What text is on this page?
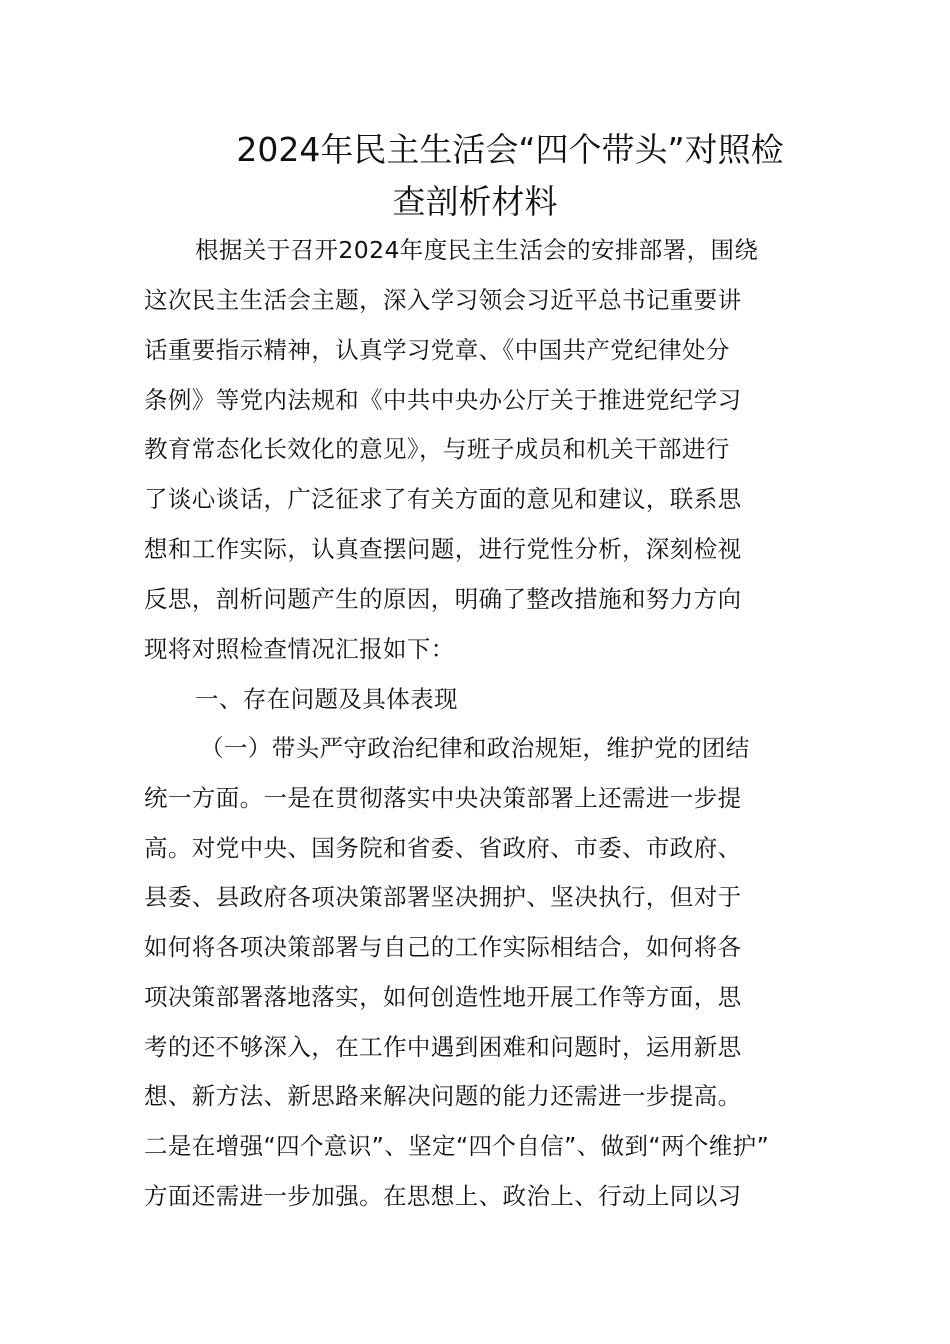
2024年民主生活会“四个带头”对照检
查剖析材料
根据关于召开2024年度民主生活会的安排部署，围绕
这次民主生活会主题，深入学习领会习近平总书记重要讲
话重要指示精神，认真学习党章、《中国共产党纪律处分
条例》等党内法规和《中共中央办公厅关于推进党纪学习
教育常态化长效化的意见》，与班子成员和机关干部进行
了谈心谈话，广泛征求了有关方面的意见和建议，联系思
想和工作实际，认真查摆问题，进行党性分析，深刻检视
反思，剖析问题产生的原因，明确了整改措施和努力方向
现将对照检查情况汇报如下：
一、存在问题及具体表现
（一）带头严守政治纪律和政治规矩，维护党的团结
统一方面。一是在贯彻落实中央决策部署上还需进一步提
高。对党中央、国务院和省委、省政府、市委、市政府、
县委、县政府各项决策部署坚决拥护、坚决执行，但对于
如何将各项决策部署与自己的工作实际相结合，如何将各
项决策部署落地落实，如何创造性地开展工作等方面，思
考的还不够深入，在工作中遇到困难和问题时，运用新思
想、新方法、新思路来解决问题的能力还需进一步提高。
二是在增强“四个意识”、坚定“四个自信”、做到“两个维护”
方面还需进一步加强。在思想上、政治上、行动上同以习
